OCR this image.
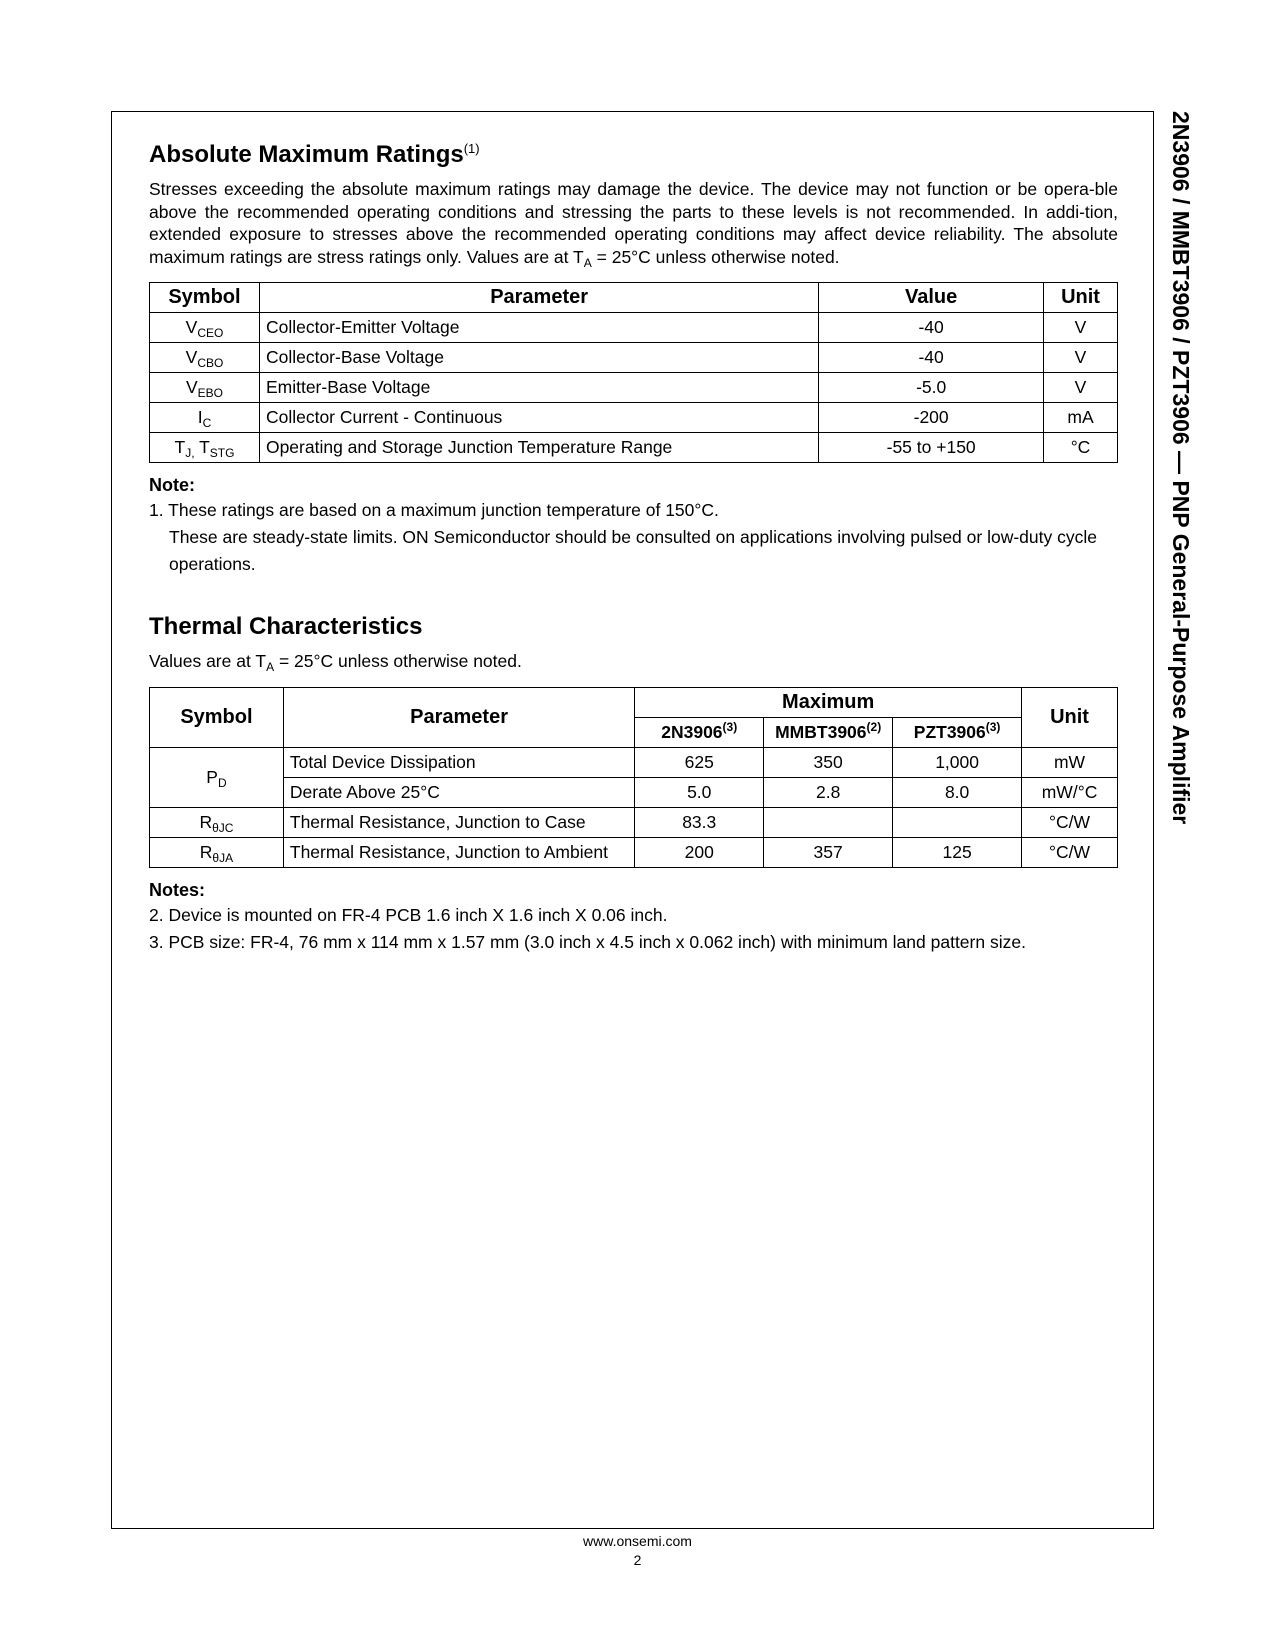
2N3906 / MMBT3906 / PZT3906 — PNP General-Purpose Amplifier
Absolute Maximum Ratings$^{(1)}$

Stresses exceeding the absolute maximum ratings may damage the device. The device may not function or be opera-ble above the recommended operating conditions and stressing the parts to these levels is not recommended. In addi-tion, extended exposure to stresses above the recommended operating conditions may affect device reliability. The absolute maximum ratings are stress ratings only. Values are at $T_A = 25^\circ C$ unless otherwise noted.

Symbol	Parameter	Value	Unit
$V_{CEO}$	Collector-Emitter Voltage	-40	V
$V_{CBO}$	Collector-Base Voltage	-40	V
$V_{EBO}$	Emitter-Base Voltage	-5.0	V
$I_C$	Collector Current - Continuous	-200	mA
$T_{J,}$ $T_{STG}$	Operating and Storage Junction Temperature Range	-55 to +150	°C
Note:
1. These ratings are based on a maximum junction temperature of 150°C.
These are steady-state limits. ON Semiconductor should be consulted on applications involving pulsed or low-duty cycle operations.
Thermal Characteristics

Values are at $T_A = 25^\circ C$ unless otherwise noted.

Symbol	Parameter	Maximum			Unit
		2N3906$^{(3)}$	MMBT3906$^{(2)}$	PZT3906$^{(3)}$
$P_D$	Total Device Dissipation	625	350	1,000	mW
	Derate Above 25°C	5.0	2.8	8.0	mW/°C
$R_{\theta JC}$	Thermal Resistance, Junction to Case	83.3			°C/W
$R_{\theta JA}$	Thermal Resistance, Junction to Ambient	200	357	125	°C/W
Notes:
2. Device is mounted on FR-4 PCB 1.6 inch X 1.6 inch X 0.06 inch.
3. PCB size: FR-4, 76 mm x 114 mm x 1.57 mm (3.0 inch x 4.5 inch x 0.062 inch) with minimum land pattern size.
www.onsemi.com
2
